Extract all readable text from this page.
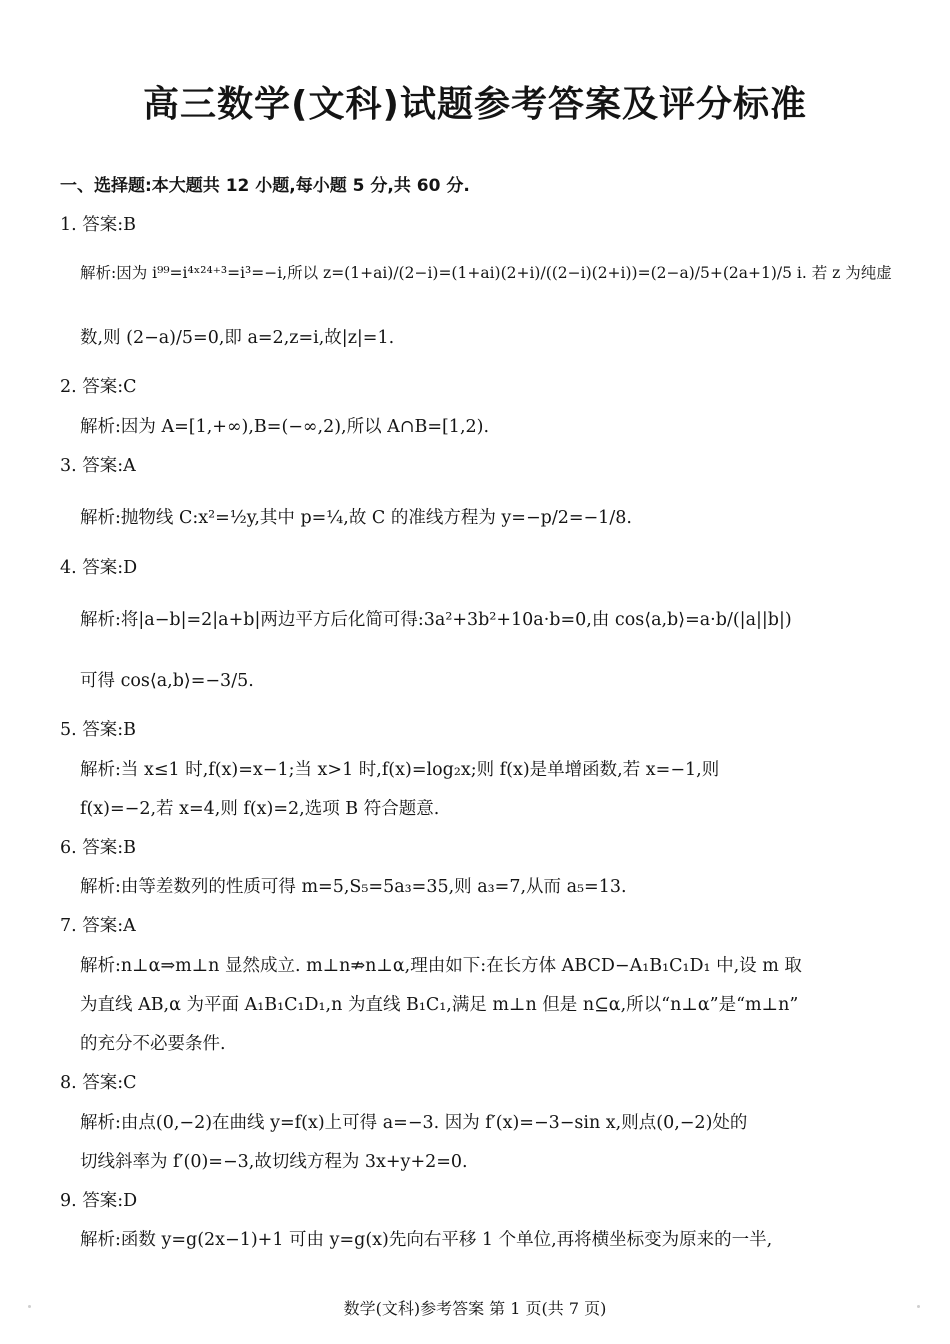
高三数学(文科)试题参考答案及评分标准
一、选择题:本大题共 12 小题,每小题 5 分,共 60 分.
1. 答案:B
解析:因为 i⁹⁹=i⁴ˣ²⁴⁺³=i³=−i,所以 z=(1+ai)/(2−i)=(1+ai)(2+i)/((2−i)(2+i))=(2−a)/5+(2a+1)/5 i. 若 z 为纯虚
数,则 (2−a)/5=0,即 a=2,z=i,故|z|=1.
2. 答案:C
解析:因为 A=[1,+∞),B=(−∞,2),所以 A∩B=[1,2).
3. 答案:A
解析:抛物线 C:x²=½y,其中 p=¼,故 C 的准线方程为 y=−p/2=−1/8.
4. 答案:D
解析:将|a−b|=2|a+b|两边平方后化简可得:3a²+3b²+10a·b=0,由 cos⟨a,b⟩=a·b/(|a||b|)
可得 cos⟨a,b⟩=−3/5.
5. 答案:B
解析:当 x≤1 时,f(x)=x−1;当 x>1 时,f(x)=log₂x;则 f(x)是单增函数,若 x=−1,则
f(x)=−2,若 x=4,则 f(x)=2,选项 B 符合题意.
6. 答案:B
解析:由等差数列的性质可得 m=5,S₅=5a₃=35,则 a₃=7,从而 a₅=13.
7. 答案:A
解析:n⊥α⇒m⊥n 显然成立. m⊥n⇏n⊥α,理由如下:在长方体 ABCD−A₁B₁C₁D₁ 中,设 m 取
为直线 AB,α 为平面 A₁B₁C₁D₁,n 为直线 B₁C₁,满足 m⊥n 但是 n⊆α,所以“n⊥α”是“m⊥n”
的充分不必要条件.
8. 答案:C
解析:由点(0,−2)在曲线 y=f(x)上可得 a=−3. 因为 f′(x)=−3−sin x,则点(0,−2)处的
切线斜率为 f′(0)=−3,故切线方程为 3x+y+2=0.
9. 答案:D
解析:函数 y=g(2x−1)+1 可由 y=g(x)先向右平移 1 个单位,再将横坐标变为原来的一半,
数学(文科)参考答案 第 1 页(共 7 页)
